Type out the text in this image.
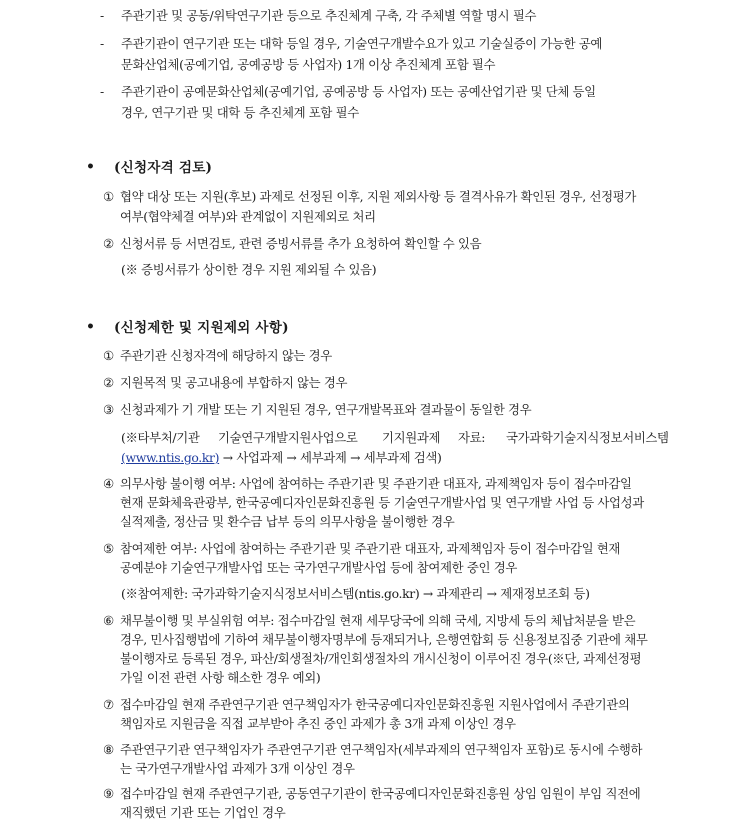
- 주관기관 및 공동/위탁연구기관 등으로 추진체계 구축, 각 주체별 역할 명시 필수
- 주관기관이 연구기관 또는 대학 등일 경우, 기술연구개발수요가 있고 기술실증이 가능한 공예
문화산업체(공예기업, 공예공방 등 사업자) 1개 이상 추진체계 포함 필수
- 주관기관이 공예문화산업체(공예기업, 공예공방 등 사업자) 또는 공예산업기관 및 단체 등일
경우, 연구기관 및 대학 등 추진체계 포함 필수
• (신청자격 검토)
① 협약 대상 또는 지원(후보) 과제로 선정된 이후, 지원 제외사항 등 결격사유가 확인된 경우, 선정평가
여부(협약체결 여부)와 관계없이 지원제외로 처리
② 신청서류 등 서면검토, 관련 증빙서류를 추가 요청하여 확인할 수 있음
(※ 증빙서류가 상이한 경우 지원 제외될 수 있음)
• (신청제한 및 지원제외 사항)
① 주관기관 신청자격에 해당하지 않는 경우
② 지원목적 및 공고내용에 부합하지 않는 경우
③ 신청과제가 기 개발 또는 기 지원된 경우, 연구개발목표와 결과물이 동일한 경우
(※타부처/기관 기술연구개발지원사업으로 기지원과제 자료: 국가과학기술지식정보서비스템
(www.ntis.go.kr) → 사업과제 → 세부과제 → 세부과제 검색)
④ 의무사항 불이행 여부: 사업에 참여하는 주관기관 및 주관기관 대표자, 과제책임자 등이 접수마감일
현재 문화체육관광부, 한국공예디자인문화진흥원 등 기술연구개발사업 및 연구개발 사업 등 사업성과
실적제출, 정산금 및 환수금 납부 등의 의무사항을 불이행한 경우
⑤ 참여제한 여부: 사업에 참여하는 주관기관 및 주관기관 대표자, 과제책임자 등이 접수마감일 현재
공예분야 기술연구개발사업 또는 국가연구개발사업 등에 참여제한 중인 경우
(※참여제한: 국가과학기술지식정보서비스템(ntis.go.kr) → 과제관리 → 제재정보조회 등)
⑥ 채무불이행 및 부실위험 여부: 접수마감일 현재 세무당국에 의해 국세, 지방세 등의 체납처분을 받은
경우, 민사집행법에 기하여 채무불이행자명부에 등재되거나, 은행연합회 등 신용정보집중 기관에 채무
불이행자로 등록된 경우, 파산/회생절차/개인회생절차의 개시신청이 이루어진 경우(※단, 과제선정평
가일 이전 관련 사항 해소한 경우 예외)
⑦ 접수마감일 현재 주관연구기관 연구책임자가 한국공예디자인문화진흥원 지원사업에서 주관기관의
책임자로 지원금을 직접 교부받아 추진 중인 과제가 총 3개 과제 이상인 경우
⑧ 주관연구기관 연구책임자가 주관연구기관 연구책임자(세부과제의 연구책임자 포함)로 동시에 수행하
는 국가연구개발사업 과제가 3개 이상인 경우
⑨ 접수마감일 현재 주관연구기관, 공동연구기관이 한국공예디자인문화진흥원 상임 임원이 부임 직전에
재직했던 기관 또는 기업인 경우
